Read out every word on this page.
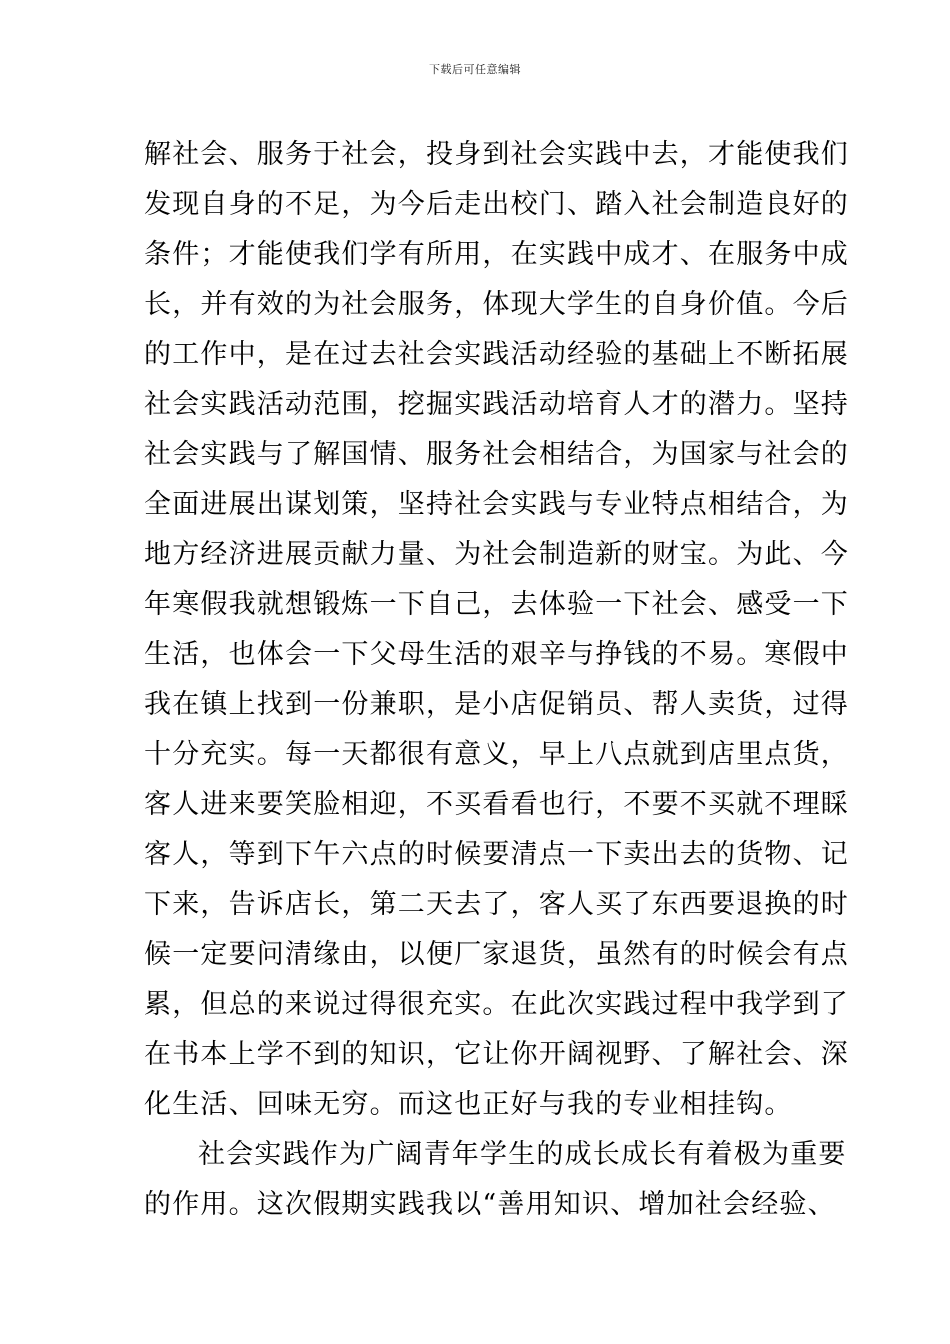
下载后可任意编辑
解社会、服务于社会，投身到社会实践中去，才能使我们
发现自身的不足，为今后走出校门、踏入社会制造良好的
条件；才能使我们学有所用，在实践中成才、在服务中成
长，并有效的为社会服务，体现大学生的自身价值。今后
的工作中，是在过去社会实践活动经验的基础上不断拓展
社会实践活动范围，挖掘实践活动培育人才的潜力。坚持
社会实践与了解国情、服务社会相结合，为国家与社会的
全面进展出谋划策，坚持社会实践与专业特点相结合，为
地方经济进展贡献力量、为社会制造新的财宝。为此、今
年寒假我就想锻炼一下自己，去体验一下社会、感受一下
生活，也体会一下父母生活的艰辛与挣钱的不易。寒假中
我在镇上找到一份兼职，是小店促销员、帮人卖货，过得
十分充实。每一天都很有意义，早上八点就到店里点货，
客人进来要笑脸相迎，不买看看也行，不要不买就不理睬
客人，等到下午六点的时候要清点一下卖出去的货物、记
下来，告诉店长，第二天去了，客人买了东西要退换的时
候一定要问清缘由，以便厂家退货，虽然有的时候会有点
累，但总的来说过得很充实。在此次实践过程中我学到了
在书本上学不到的知识，它让你开阔视野、了解社会、深
化生活、回味无穷。而这也正好与我的专业相挂钩。
社会实践作为广阔青年学生的成长成长有着极为重要
的作用。这次假期实践我以“善用知识、增加社会经验、
